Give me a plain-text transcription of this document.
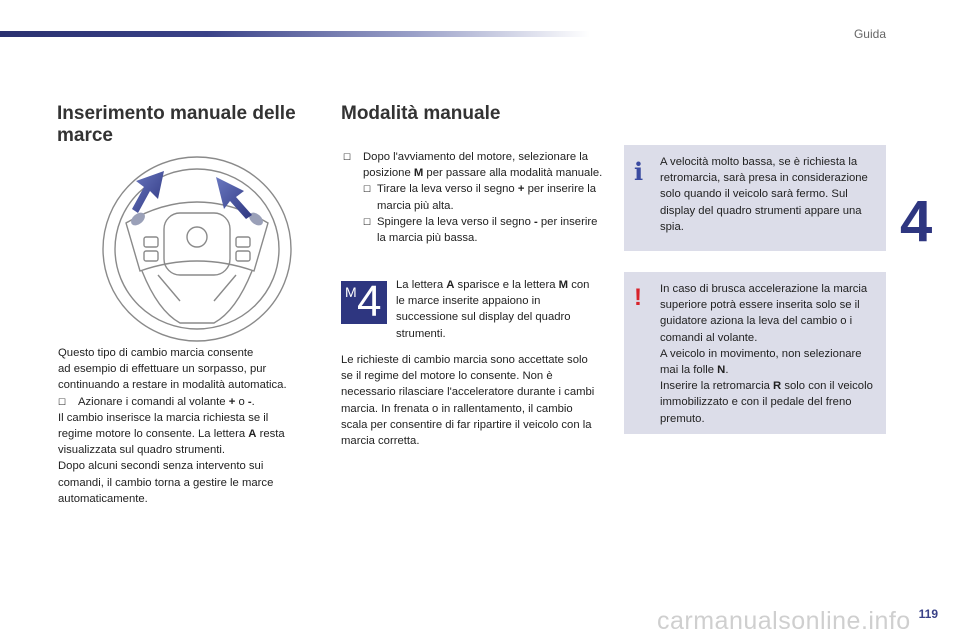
Guida
4
Inserimento manuale delle marce
Questo tipo di cambio marcia consente
ad esempio di effettuare un sorpasso, pur
continuando a restare in modalità automatica.
☐ Azionare i comandi al volante + o -.
Il cambio inserisce la marcia richiesta se il
regime motore lo consente. La lettera A resta
visualizzata sul quadro strumenti.
Dopo alcuni secondi senza intervento sui
comandi, il cambio torna a gestire le marce
automaticamente.
Modalità manuale
☐ Dopo l'avviamento del motore, selezionare la posizione M per passare alla modalità manuale.
☐ Tirare la leva verso il segno + per inserire la marcia più alta.
☐ Spingere la leva verso il segno - per inserire la marcia più bassa.
M 4 La lettera A sparisce e la lettera M con le marce inserite appaiono in successione sul display del quadro strumenti.
Le richieste di cambio marcia sono accettate solo se il regime del motore lo consente. Non è necessario rilasciare l'acceleratore durante i cambi marcia. In frenata o in rallentamento, il cambio scala per consentire di far ripartire il veicolo con la marcia corretta.
i A velocità molto bassa, se è richiesta la retromarcia, sarà presa in considerazione solo quando il veicolo sarà fermo. Sul display del quadro strumenti appare una spia.
! In caso di brusca accelerazione la marcia superiore potrà essere inserita solo se il guidatore aziona la leva del cambio o i comandi al volante.
A veicolo in movimento, non selezionare mai la folle N.
Inserire la retromarcia R solo con il veicolo immobilizzato e con il pedale del freno premuto.
carmanualsonline.info 119
